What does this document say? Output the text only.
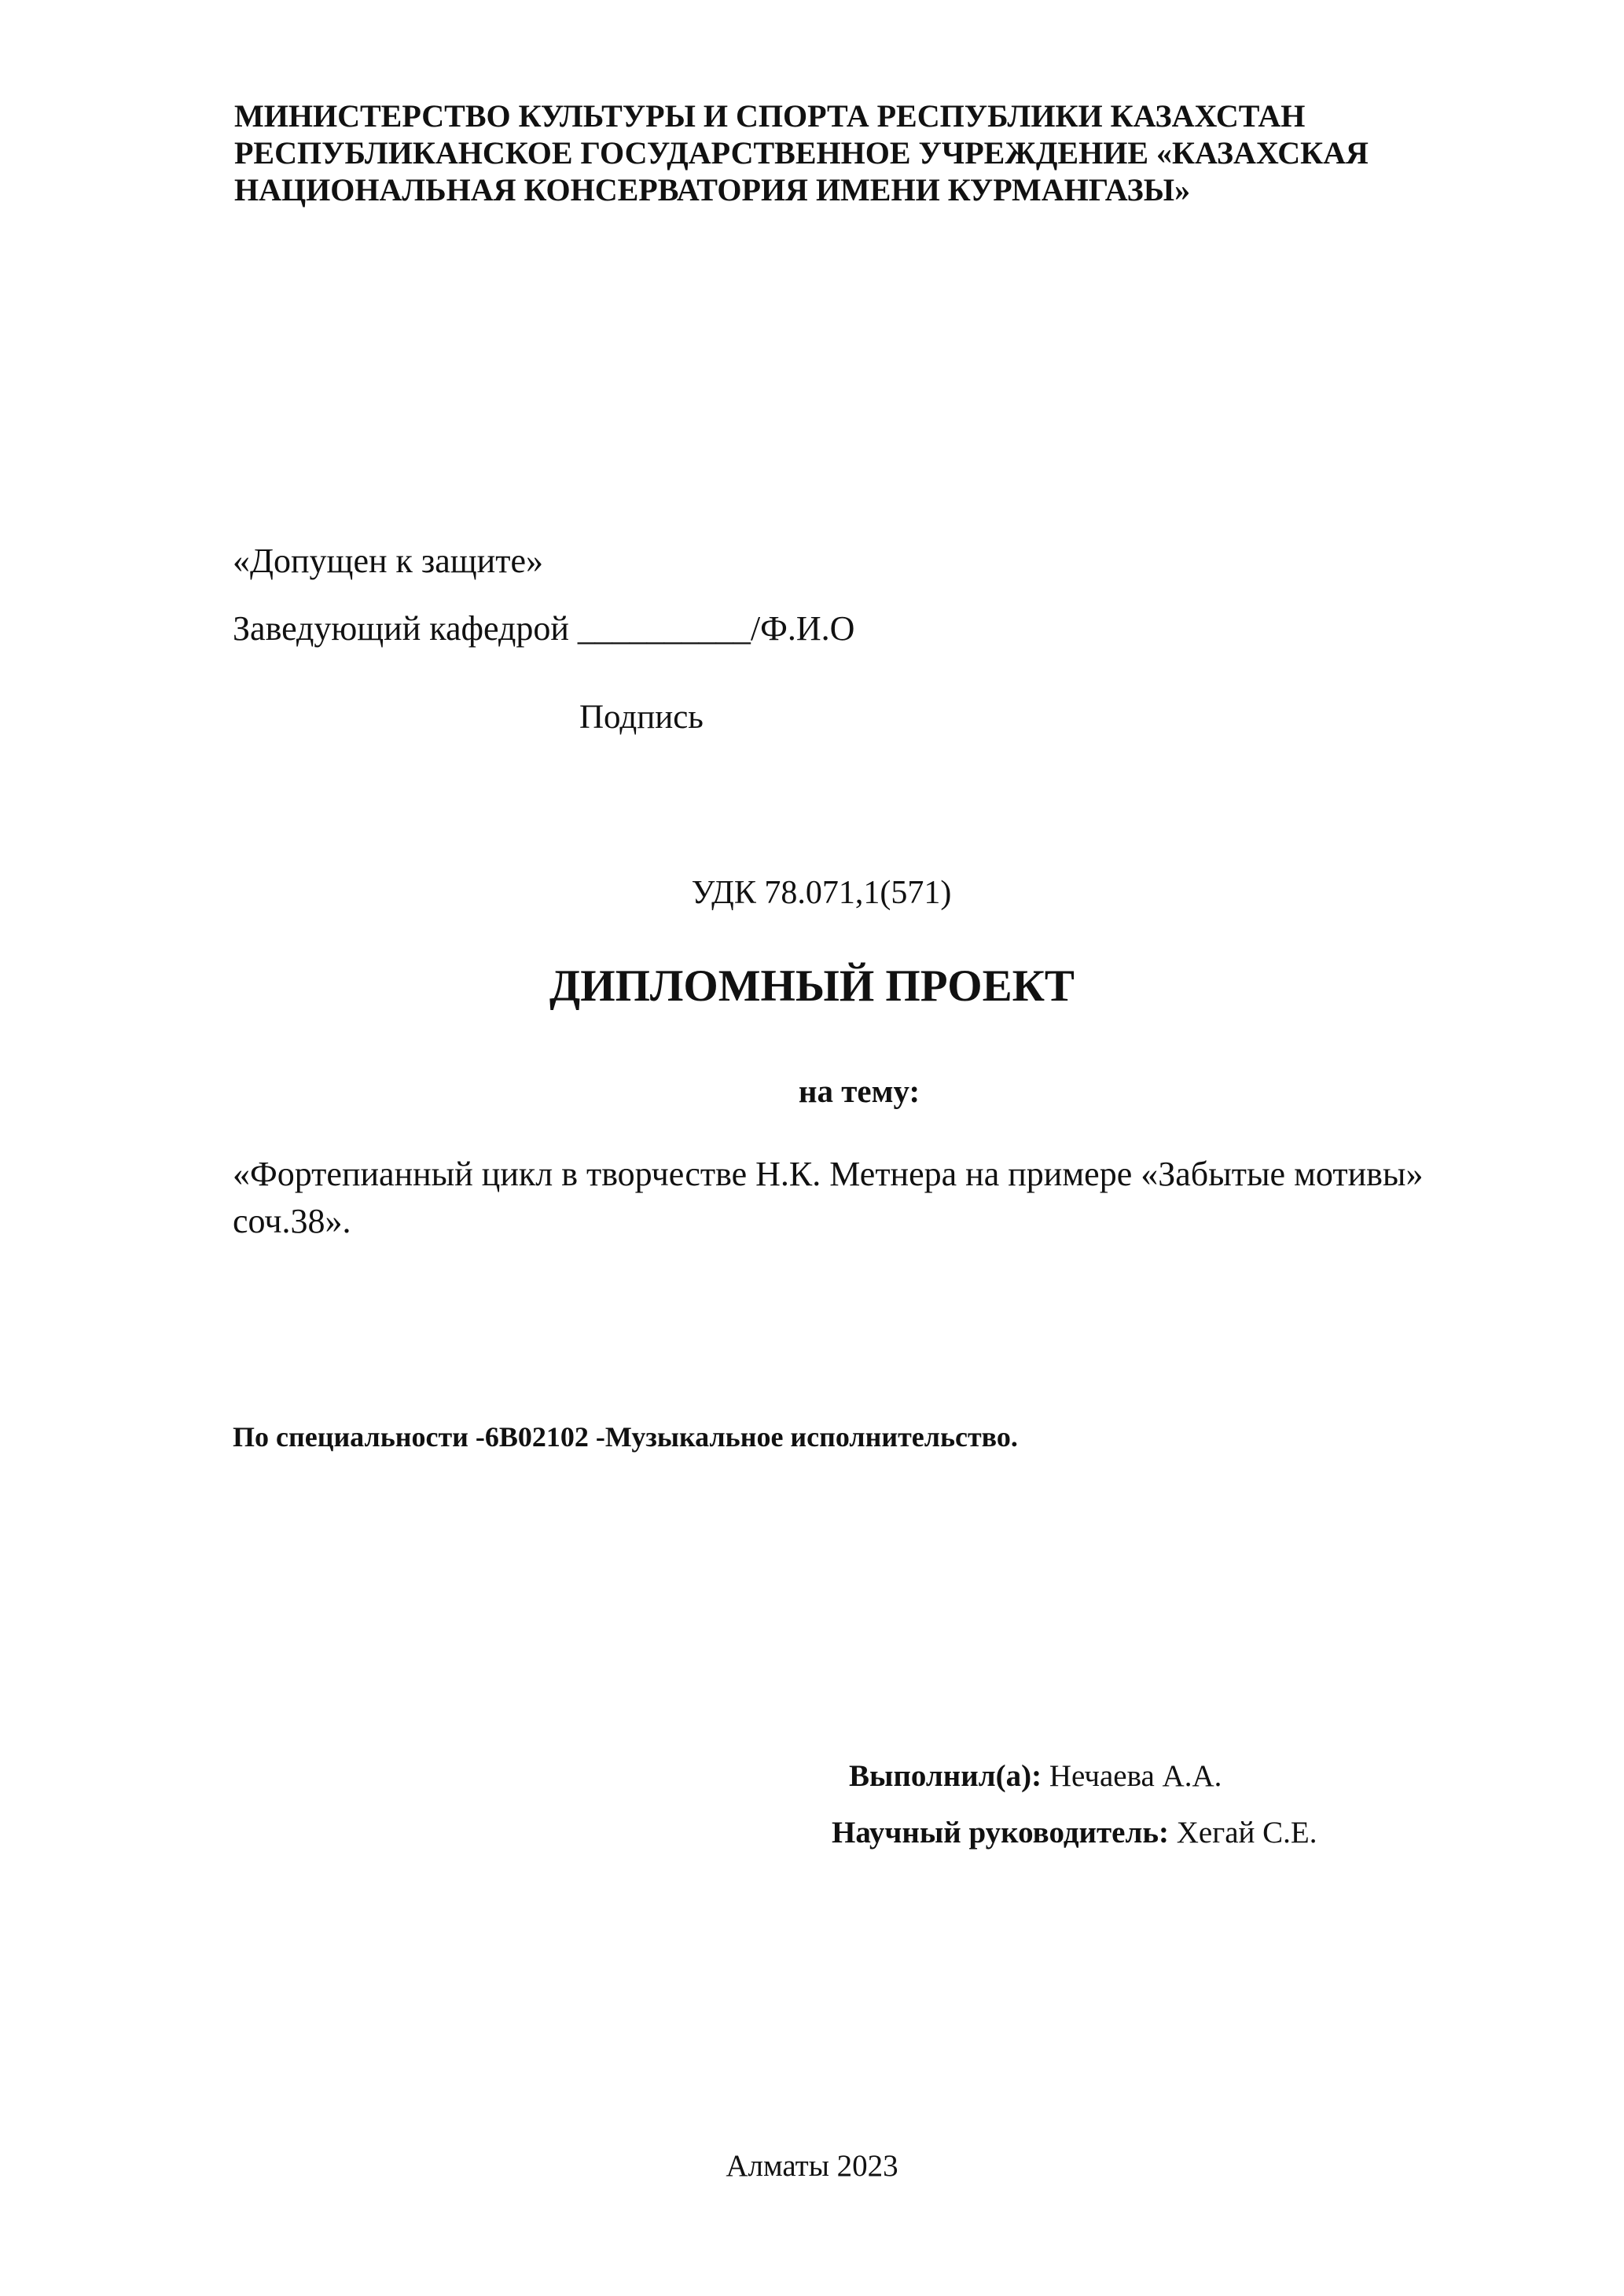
МИНИСТЕРСТВО КУЛЬТУРЫ И СПОРТА РЕСПУБЛИКИ КАЗАХСТАН
РЕСПУБЛИКАНСКОЕ ГОСУДАРСТВЕННОЕ УЧРЕЖДЕНИЕ «КАЗАХСКАЯ
НАЦИОНАЛЬНАЯ КОНСЕРВАТОРИЯ ИМЕНИ КУРМАНГАЗЫ»

«Допущен к защите»

Заведующий кафедрой __________/Ф.И.О

Подпись

УДК 78.071,1(571)

ДИПЛОМНЫЙ ПРОЕКТ

на тему:

«Фортепианный цикл в творчестве Н.К. Метнера на примере «Забытые мотивы»
соч.38».

По специальности -6В02102 -Музыкальное исполнительство.

Выполнил(а): Нечаева А.А.

Научный руководитель: Хегай С.Е.

Алматы 2023
